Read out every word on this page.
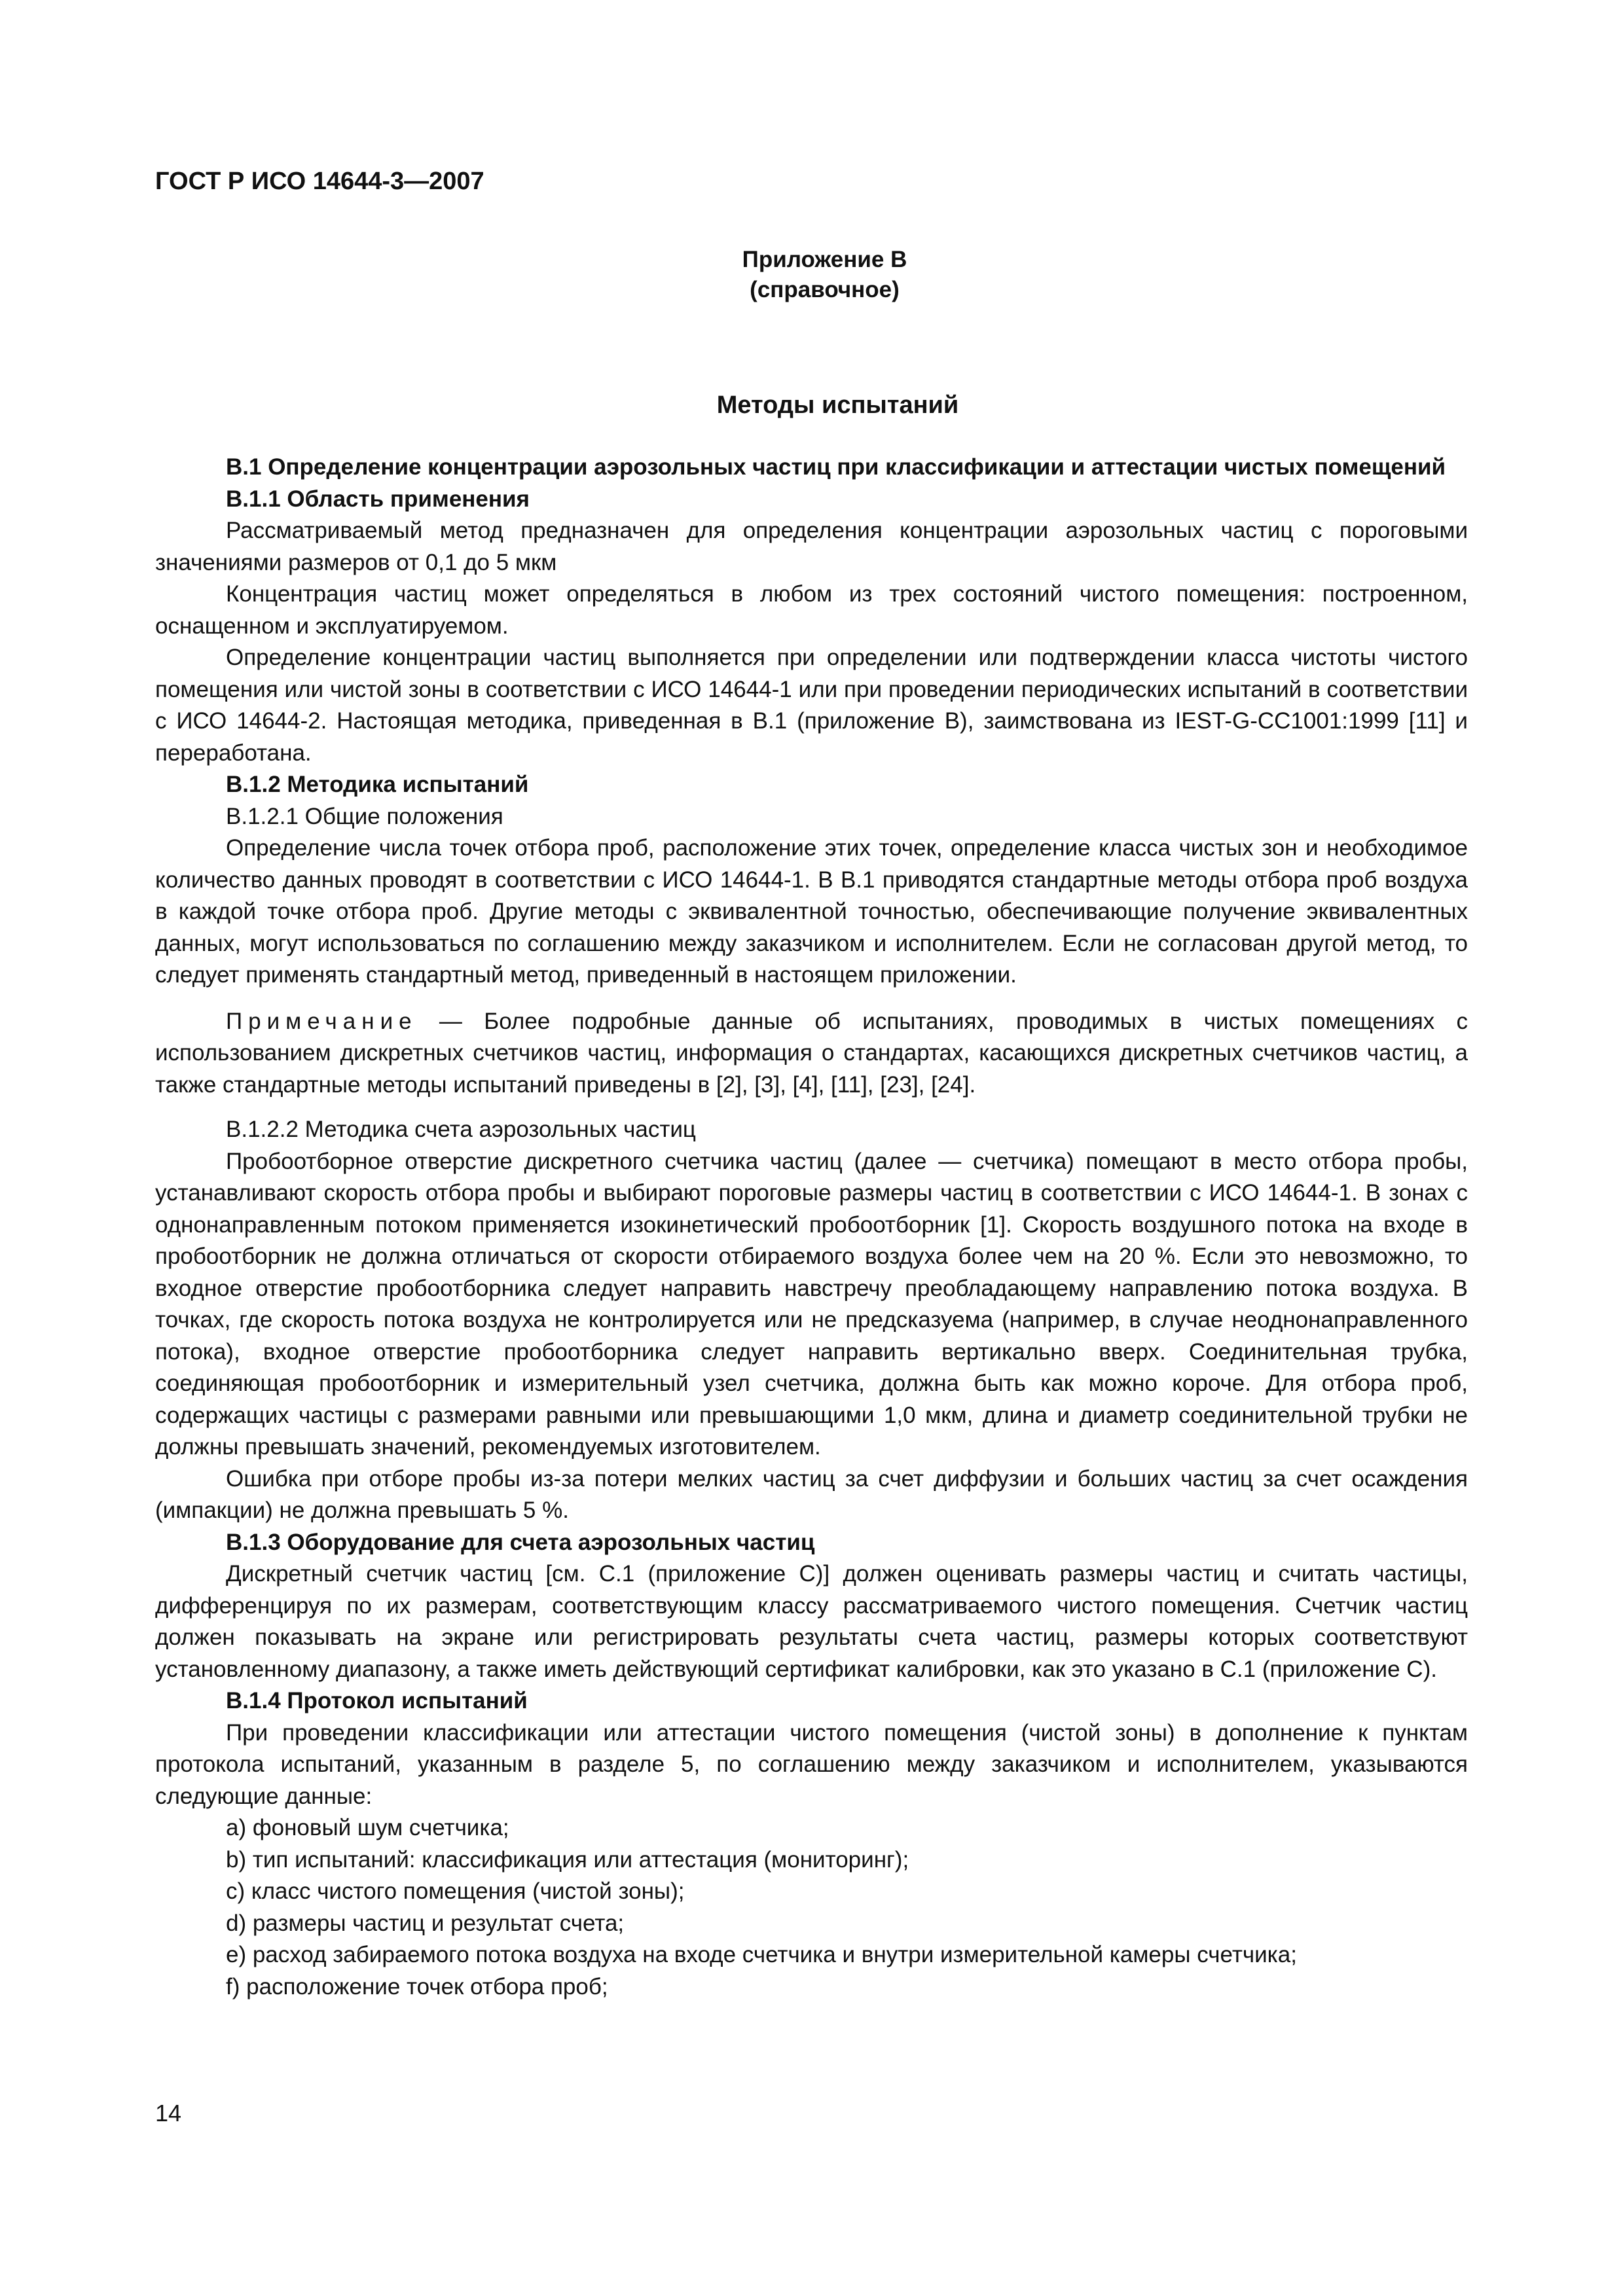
ГОСТ Р ИСО 14644-3—2007
Приложение В
(справочное)
Методы испытаний

В.1 Определение концентрации аэрозольных частиц при классификации и аттестации чистых помещений

В.1.1 Область применения

Рассматриваемый метод предназначен для определения концентрации аэрозольных частиц с пороговыми значениями размеров от 0,1 до 5 мкм

Концентрация частиц может определяться в любом из трех состояний чистого помещения: построенном, оснащенном и эксплуатируемом.

Определение концентрации частиц выполняется при определении или подтверждении класса чистоты чистого помещения или чистой зоны в соответствии с ИСО 14644-1 или при проведении периодических испытаний в соответствии с ИСО 14644-2. Настоящая методика, приведенная в В.1 (приложение В), заимствована из IEST-G-CC1001:1999 [11] и переработана.

В.1.2 Методика испытаний

В.1.2.1 Общие положения

Определение числа точек отбора проб, расположение этих точек, определение класса чистых зон и необходимое количество данных проводят в соответствии с ИСО 14644-1. В В.1 приводятся стандартные методы отбора проб воздуха в каждой точке отбора проб. Другие методы с эквивалентной точностью, обеспечивающие получение эквивалентных данных, могут использоваться по соглашению между заказчиком и исполнителем. Если не согласован другой метод, то следует применять стандартный метод, приведенный в настоящем приложении.

Примечание — Более подробные данные об испытаниях, проводимых в чистых помещениях с использованием дискретных счетчиков частиц, информация о стандартах, касающихся дискретных счетчиков частиц, а также стандартные методы испытаний приведены в [2], [3], [4], [11], [23], [24].

В.1.2.2 Методика счета аэрозольных частиц

Пробоотборное отверстие дискретного счетчика частиц (далее — счетчика) помещают в место отбора пробы, устанавливают скорость отбора пробы и выбирают пороговые размеры частиц в соответствии с ИСО 14644-1. В зонах с однонаправленным потоком применяется изокинетический пробоотборник [1]. Скорость воздушного потока на входе в пробоотборник не должна отличаться от скорости отбираемого воздуха более чем на 20 %. Если это невозможно, то входное отверстие пробоотборника следует направить навстречу преобладающему направлению потока воздуха. В точках, где скорость потока воздуха не контролируется или не предсказуема (например, в случае неоднонаправленного потока), входное отверстие пробоотборника следует направить вертикально вверх. Соединительная трубка, соединяющая пробоотборник и измерительный узел счетчика, должна быть как можно короче. Для отбора проб, содержащих частицы с размерами равными или превышающими 1,0 мкм, длина и диаметр соединительной трубки не должны превышать значений, рекомендуемых изготовителем.

Ошибка при отборе пробы из-за потери мелких частиц за счет диффузии и больших частиц за счет осаждения (импакции) не должна превышать 5 %.

В.1.3 Оборудование для счета аэрозольных частиц

Дискретный счетчик частиц [см. С.1 (приложение С)] должен оценивать размеры частиц и считать частицы, дифференцируя по их размерам, соответствующим классу рассматриваемого чистого помещения. Счетчик частиц должен показывать на экране или регистрировать результаты счета частиц, размеры которых соответствуют установленному диапазону, а также иметь действующий сертификат калибровки, как это указано в С.1 (приложение С).

В.1.4 Протокол испытаний

При проведении классификации или аттестации чистого помещения (чистой зоны) в дополнение к пунктам протокола испытаний, указанным в разделе 5, по соглашению между заказчиком и исполнителем, указываются следующие данные:

a) фоновый шум счетчика;

b) тип испытаний: классификация или аттестация (мониторинг);

c) класс чистого помещения (чистой зоны);

d) размеры частиц и результат счета;

e) расход забираемого потока воздуха на входе счетчика и внутри измерительной камеры счетчика;

f) расположение точек отбора проб;

14
